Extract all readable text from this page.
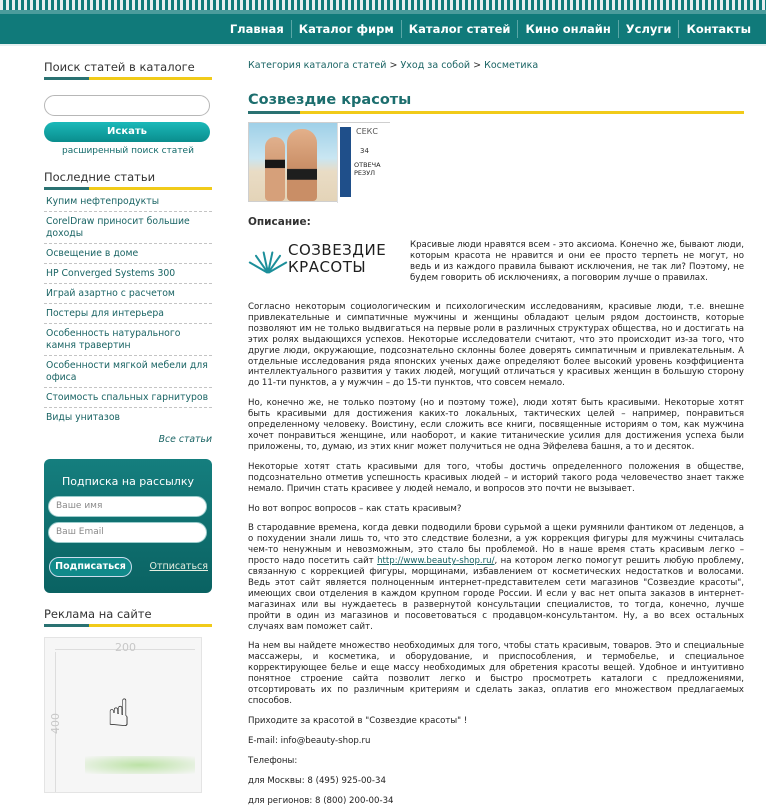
Главная	Каталог фирм	Каталог статей	Кино онлайн	Услуги	Контакты
Поиск статей в каталоге
Искать
расширенный поиск статей
Последние статьи
Купим нефтепродукты
CorelDraw приносит большие доходы
Освещение в доме
HP Converged Systems 300
Играй азартно с расчетом
Постеры для интерьера
Особенность натурального камня травертин
Особенности мягкой мебели для офиса
Стоимость спальных гарнитуров
Виды унитазов
Все статьи
Подписка на рассылку
Ваше имя
Ваш Email
Подписаться	Отписаться
Реклама на сайте
200
400 ☝
Категория каталога статей > Уход за собой > Косметика
Созвездие красоты
СЕКС
34
ОТВЕЧА
РЕЗУЛ
Описание:
СОЗВЕЗДИЕ
КРАСОТЫ

Красивые люди нравятся всем - это аксиома. Конечно же, бывают люди, которым красота не нравится и они ее просто терпеть не могут, но ведь и из каждого правила бывают исключения, не так ли? Поэтому, не будем говорить об исключениях, а поговорим лучше о правилах.

Согласно некоторым социологическим и психологическим исследованиям, красивые люди, т.е. внешне привлекательные и симпатичные мужчины и женщины обладают целым рядом достоинств, которые позволяют им не только выдвигаться на первые роли в различных структурах общества, но и достигать на этих ролях выдающихся успехов. Некоторые исследователи считают, что это происходит из-за того, что другие люди, окружающие, подсознательно склонны более доверять симпатичным и привлекательным. А отдельные исследования ряда японских ученых даже определяют более высокий уровень коэффициента интеллектуального развития у таких людей, могущий отличаться у красивых женщин в большую сторону до 11-ти пунктов, а у мужчин – до 15-ти пунктов, что совсем немало.

Но, конечно же, не только поэтому (но и поэтому тоже), люди хотят быть красивыми. Некоторые хотят быть красивыми для достижения каких-то локальных, тактических целей – например, понравиться определенному человеку. Воистину, если сложить все книги, посвященные историям о том, как мужчина хочет понравиться женщине, или наоборот, и какие титанические усилия для достижения успеха были приложены, то, думаю, из этих книг может получиться не одна Эйфелева башня, а то и десяток.

Некоторые хотят стать красивыми для того, чтобы достичь определенного положения в обществе, подсознательно отметив успешность красивых людей – и историй такого рода человечество знает также немало. Причин стать красивее у людей немало, и вопросов это почти не вызывает.

Но вот вопрос вопросов – как стать красивым?

В стародавние времена, когда девки подводили брови сурьмой а щеки румянили фантиком от леденцов, а о похудении знали лишь то, что это следствие болезни, а уж коррекция фигуры для мужчины считалась чем-то ненужным и невозможным, это стало бы проблемой. Но в наше время стать красивым легко – просто надо посетить сайт http://www.beauty-shop.ru/, на котором легко помогут решить любую проблему, связанную с коррекцией фигуры, морщинами, избавлением от косметических недостатков и волосами. Ведь этот сайт является полноценным интернет-представителем сети магазинов "Созвездие красоты", имеющих свои отделения в каждом крупном городе России. И если у вас нет опыта заказов в интернет-магазинах или вы нуждаетесь в развернутой консультации специалистов, то тогда, конечно, лучше пройти в один из магазинов и посоветоваться с продавцом-консультантом. Ну, а во всех остальных случаях вам поможет сайт.

На нем вы найдете множество необходимых для того, чтобы стать красивым, товаров. Это и специальные массажеры, и косметика, и оборудование, и приспособления, и термобелье, и специальное корректирующее белье и еще массу необходимых для обретения красоты вещей. Удобное и интуитивно понятное строение сайта позволит легко и быстро просмотреть каталоги с предложениями, отсортировать их по различным критериям и сделать заказ, оплатив его множеством предлагаемых способов.

Приходите за красотой в "Созвездие красоты" !

E-mail: info@beauty-shop.ru

Телефоны:

для Москвы: 8 (495) 925-00-34

для регионов: 8 (800) 200-00-34
